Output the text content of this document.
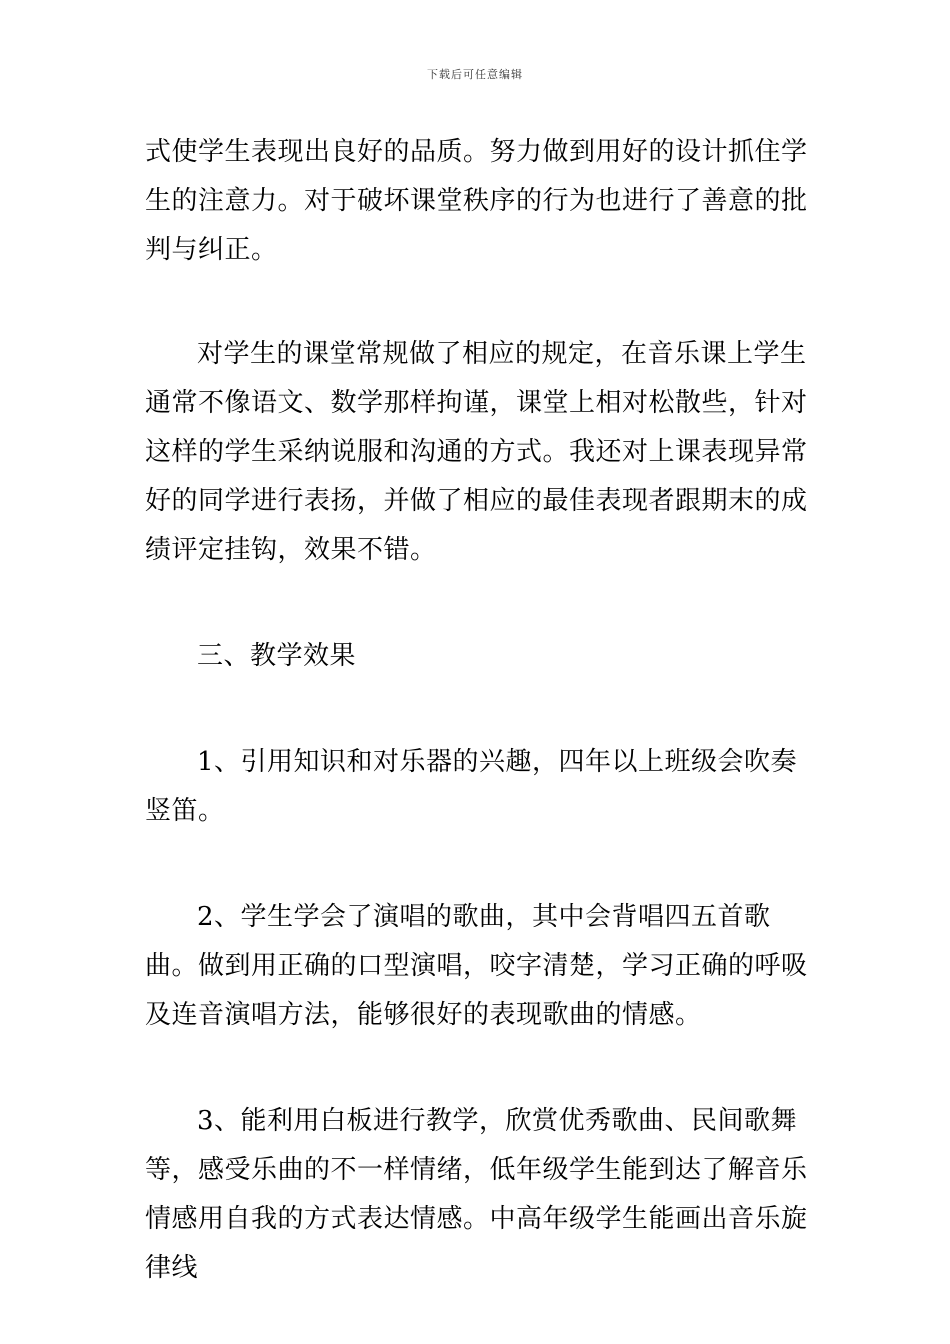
下载后可任意编辑

式使学生表现出良好的品质。努力做到用好的设计抓住学生的注意力。对于破坏课堂秩序的行为也进行了善意的批判与纠正。

对学生的课堂常规做了相应的规定，在音乐课上学生通常不像语文、数学那样拘谨，课堂上相对松散些，针对这样的学生采纳说服和沟通的方式。我还对上课表现异常好的同学进行表扬，并做了相应的最佳表现者跟期末的成绩评定挂钩，效果不错。

三、教学效果

1、引用知识和对乐器的兴趣，四年以上班级会吹奏竖笛。

2、学生学会了演唱的歌曲，其中会背唱四五首歌曲。做到用正确的口型演唱，咬字清楚，学习正确的呼吸及连音演唱方法，能够很好的表现歌曲的情感。

3、能利用白板进行教学，欣赏优秀歌曲、民间歌舞等，感受乐曲的不一样情绪，低年级学生能到达了解音乐情感用自我的方式表达情感。中高年级学生能画出音乐旋律线
